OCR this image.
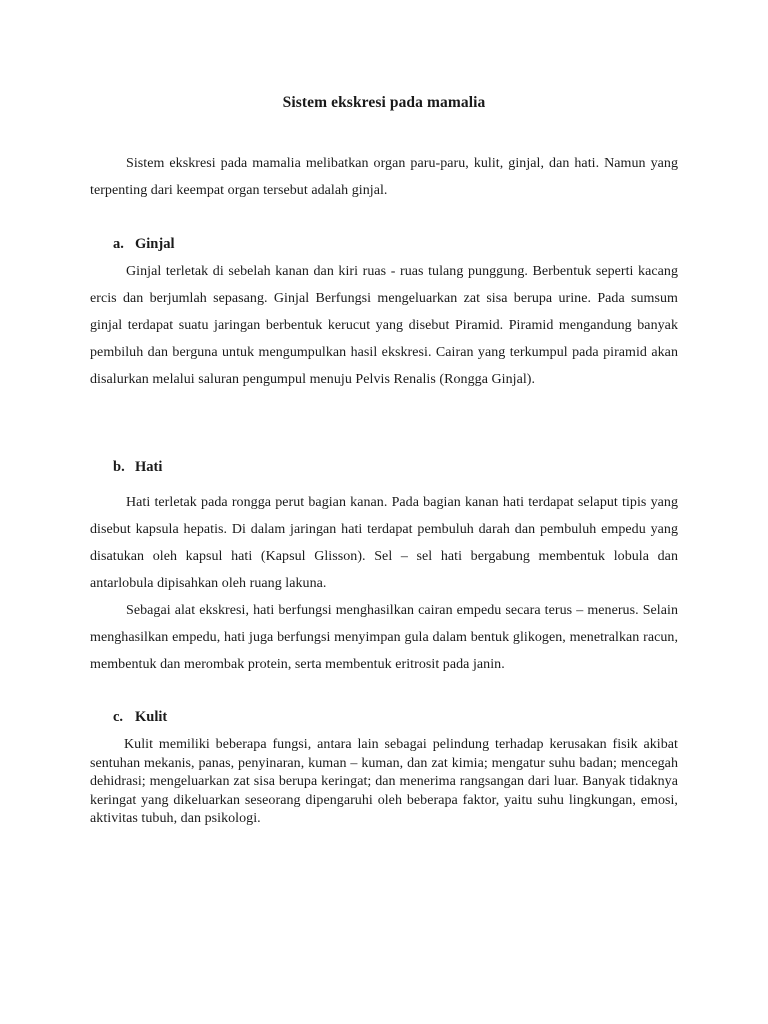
Sistem ekskresi pada mamalia

Sistem ekskresi pada mamalia melibatkan organ paru-paru, kulit, ginjal, dan hati. Namun yang terpenting dari keempat organ tersebut adalah ginjal.

a. Ginjal

Ginjal terletak di sebelah kanan dan kiri ruas - ruas tulang punggung. Berbentuk seperti kacang ercis dan berjumlah sepasang. Ginjal Berfungsi mengeluarkan zat sisa berupa urine. Pada sumsum ginjal terdapat suatu jaringan berbentuk kerucut yang disebut Piramid. Piramid mengandung banyak pembiluh dan berguna untuk mengumpulkan hasil ekskresi. Cairan yang terkumpul pada piramid akan disalurkan melalui saluran pengumpul menuju Pelvis Renalis (Rongga Ginjal).

b. Hati

Hati terletak pada rongga perut bagian kanan. Pada bagian kanan hati terdapat selaput tipis yang disebut kapsula hepatis. Di dalam jaringan hati terdapat pembuluh darah dan pembuluh empedu yang disatukan oleh kapsul hati (Kapsul Glisson). Sel – sel hati bergabung membentuk lobula dan antarlobula dipisahkan oleh ruang lakuna.

Sebagai alat ekskresi, hati berfungsi menghasilkan cairan empedu secara terus – menerus. Selain menghasilkan empedu, hati juga berfungsi menyimpan gula dalam bentuk glikogen, menetralkan racun, membentuk dan merombak protein, serta membentuk eritrosit pada janin.

c. Kulit

Kulit memiliki beberapa fungsi, antara lain sebagai pelindung terhadap kerusakan fisik akibat sentuhan mekanis, panas, penyinaran, kuman – kuman, dan zat kimia; mengatur suhu badan; mencegah dehidrasi; mengeluarkan zat sisa berupa keringat; dan menerima rangsangan dari luar. Banyak tidaknya keringat yang dikeluarkan seseorang dipengaruhi oleh beberapa faktor, yaitu suhu lingkungan, emosi, aktivitas tubuh, dan psikologi.
